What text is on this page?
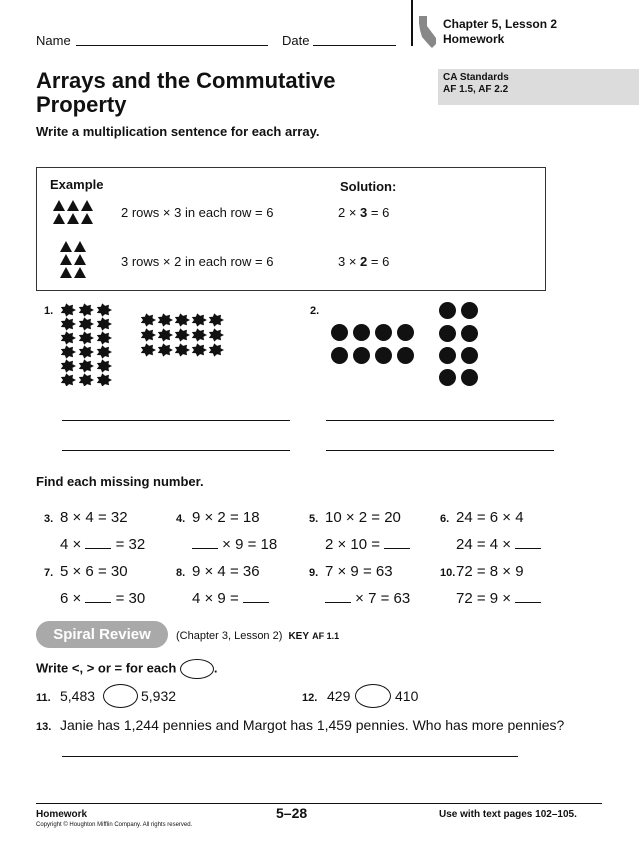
Name	Date
Chapter 5, Lesson 2
Homework
Arrays and the Commutative
Property
CA Standards
AF 1.5, AF 2.2
Write a multiplication sentence for each array.
Example	Solution:
2 rows × 3 in each row = 6	2 × 3 = 6
3 rows × 2 in each row = 6	3 × 2 = 6
1.	2.
Find each missing number.
3. 8 × 4 = 32
4 ×  = 32
4. 9 × 2 = 18
× 9 = 18
5. 10 × 2 = 20
2 × 10 =
6. 24 = 6 × 4
24 = 4 ×
7. 5 × 6 = 30
6 ×  = 30
8. 9 × 4 = 36
4 × 9 =
9. 7 × 9 = 63
× 7 = 63
10. 72 = 8 × 9
72 = 9 ×
Spiral Review	(Chapter 3, Lesson 2) KEY AF 1.1
Write <, > or = for each	.
11. 5,483	5,932	12. 429	410
13. Janie has 1,244 pennies and Margot has 1,459 pennies. Who has more pennies?
Homework	5–28	Use with text pages 102–105.
Copyright © Houghton Mifflin Company. All rights reserved.
